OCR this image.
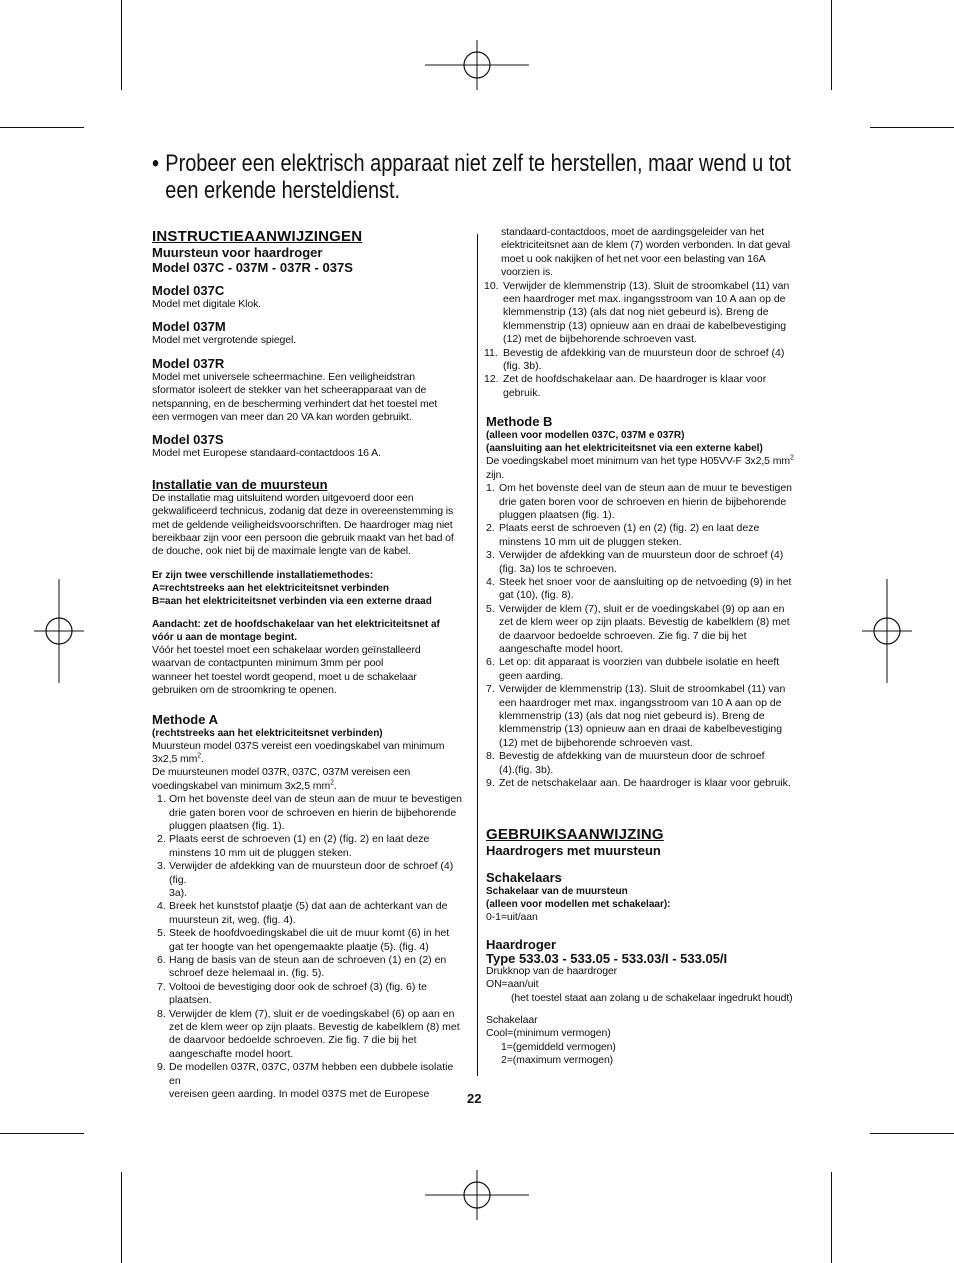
• Probeer een elektrisch apparaat niet zelf te herstellen, maar wend u tot
een erkende hersteldienst.
INSTRUCTIEAANWIJZINGEN
Muursteun voor haardroger
Model 037C - 037M - 037R - 037S
Model 037C
Model met digitale Klok.
Model 037M
Model met vergrotende spiegel.
Model 037R
Model met universele scheermachine. Een veiligheidstran
sformator isoleert de stekker van het scheerapparaat van de
netspanning, en de bescherming verhindert dat het toestel met
een vermogen van meer dan 20 VA kan worden gebruikt.
Model 037S
Model met Europese standaard-contactdoos 16 A.
Installatie van de muursteun
De installatie mag uitsluitend worden uitgevoerd door een
gekwalificeerd technicus, zodanig dat deze in overeenstemming is
met de geldende veiligheidsvoorschriften. De haardroger mag niet
bereikbaar zijn voor een persoon die gebruik maakt van het bad of
de douche, ook niet bij de maximale lengte van de kabel.
Er zijn twee verschillende installatiemethodes:
A=rechtstreeks aan het elektriciteitsnet verbinden
B=aan het elektriciteitsnet verbinden via een externe draad
Aandacht: zet de hoofdschakelaar van het elektriciteitsnet af
vóór u aan de montage begint.
Vóór het toestel moet een schakelaar worden geïnstalleerd
waarvan de contactpunten minimum 3mm per pool
wanneer het toestel wordt geopend, moet u de schakelaar
gebruiken om de stroomkring te openen.
Methode A
(rechtstreeks aan het elektriciteitsnet verbinden)
Muursteun model 037S vereist een voedingskabel van minimum
3x2,5 $mm^2$.
De muursteunen model 037R, 037C, 037M vereisen een
voedingskabel van minimum 3x2,5 $mm^2$.
1. Om het bovenste deel van de steun aan de muur te bevestigen
drie gaten boren voor de schroeven en hierin de bijbehorende
pluggen plaatsen (fig. 1).
2. Plaats eerst de schroeven (1) en (2) (fig. 2) en laat deze
minstens 10 mm uit de pluggen steken.
3. Verwijder de afdekking van de muursteun door de schroef (4) (fig.
3a).
4. Breek het kunststof plaatje (5) dat aan de achterkant van de
muursteun zit, weg. (fig. 4).
5. Steek de hoofdvoedingskabel die uit de muur komt (6) in het
gat ter hoogte van het opengemaakte plaatje (5). (fig. 4)
6. Hang de basis van de steun aan de schroeven (1) en (2) en
schroef deze helemaal in. (fig. 5).
7. Voltooi de bevestiging door ook de schroef (3) (fig. 6) te
plaatsen.
8. Verwijder de klem (7), sluit er de voedingskabel (6) op aan en
zet de klem weer op zijn plaats. Bevestig de kabelklem (8) met
de daarvoor bedoelde schroeven. Zie fig. 7 die bij het
aangeschafte model hoort.
9. De modellen 037R, 037C, 037M hebben een dubbele isolatie en
vereisen geen aarding. In model 037S met de Europese
standaard-contactdoos, moet de aardingsgeleider van het
elektriciteitsnet aan de klem (7) worden verbonden. In dat geval
moet u ook nakijken of het net voor een belasting van 16A
voorzien is.
10. Verwijder de klemmenstrip (13). Sluit de stroomkabel (11) van
een haardroger met max. ingangsstroom van 10 A aan op de
klemmenstrip (13) (als dat nog niet gebeurd is). Breng de
klemmenstrip (13) opnieuw aan en draai de kabelbevestiging
(12) met de bijbehorende schroeven vast.
11. Bevestig de afdekking van de muursteun door de schroef (4)
(fig. 3b).
12. Zet de hoofdschakelaar aan. De haardroger is klaar voor
gebruik.
Methode B
(alleen voor modellen 037C, 037M e 037R)
(aansluiting aan het elektriciteitsnet via een externe kabel)
De voedingskabel moet minimum van het type H05VV-F 3x2,5 $mm^2$
zijn.
1. Om het bovenste deel van de steun aan de muur te bevestigen
drie gaten boren voor de schroeven en hierin de bijbehorende
pluggen plaatsen (fig. 1).
2. Plaats eerst de schroeven (1) en (2) (fig. 2) en laat deze
minstens 10 mm uit de pluggen steken.
3. Verwijder de afdekking van de muursteun door de schroef (4)
(fig. 3a) los te schroeven.
4. Steek het snoer voor de aansluiting op de netvoeding (9) in het
gat (10), (fig. 8).
5. Verwijder de klem (7), sluit er de voedingskabel (9) op aan en
zet de klem weer op zijn plaats. Bevestig de kabelklem (8) met
de daarvoor bedoelde schroeven. Zie fig. 7 die bij het
aangeschafte model hoort.
6. Let op: dit apparaat is voorzien van dubbele isolatie en heeft
geen aarding.
7. Verwijder de klemmenstrip (13). Sluit de stroomkabel (11) van
een haardroger met max. ingangsstroom van 10 A aan op de
klemmenstrip (13) (als dat nog niet gebeurd is). Breng de
klemmenstrip (13) opnieuw aan en draai de kabelbevestiging
(12) met de bijbehorende schroeven vast.
8. Bevestig de afdekking van de muursteun door de schroef
(4).(fig. 3b).
9. Zet de netschakelaar aan. De haardroger is klaar voor gebruik.
GEBRUIKSAANWIJZING
Haardrogers met muursteun
Schakelaars
Schakelaar van de muursteun
(alleen voor modellen met schakelaar):
0-1=uit/aan
Haardroger
Type 533.03 - 533.05 - 533.03/I - 533.05/I
Drukknop van de haardroger
ON=aan/uit
(het toestel staat aan zolang u de schakelaar ingedrukt houdt)
Schakelaar
Cool=(minimum vermogen)
1=(gemiddeld vermogen)
2=(maximum vermogen)
22
